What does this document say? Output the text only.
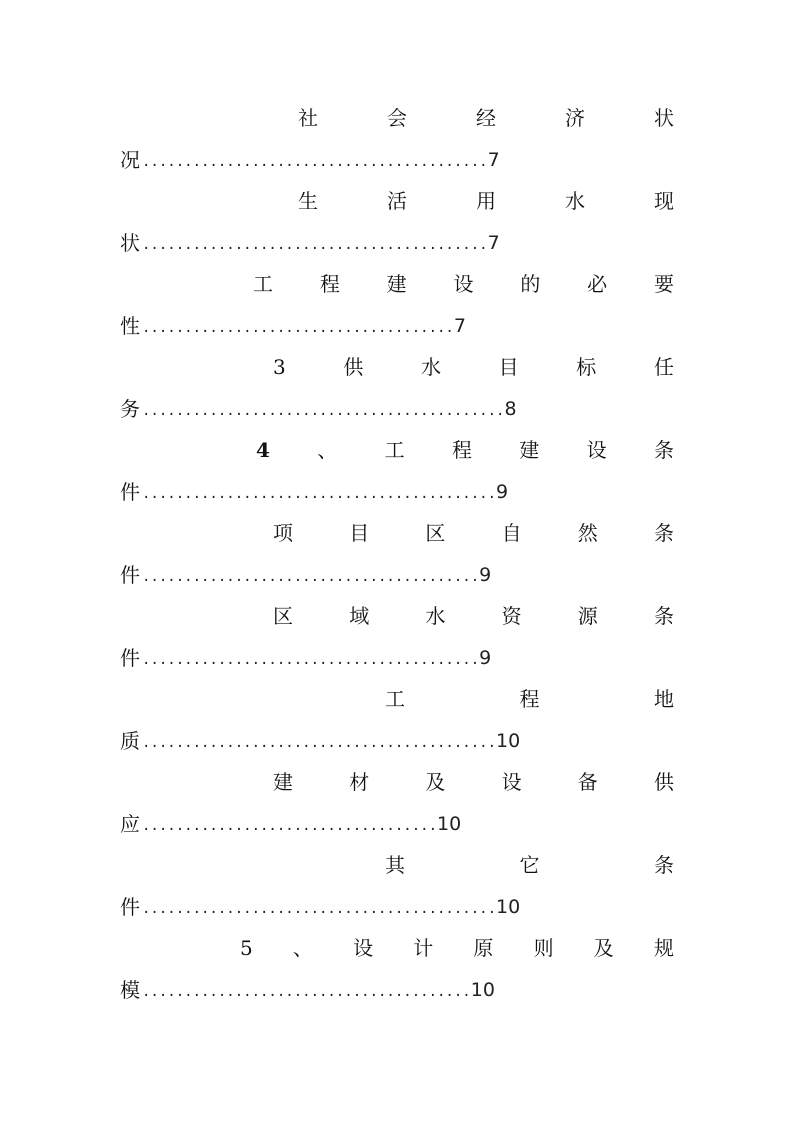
社	会	经	济	状
况 ......................................... 7
生	活	用	水	现
状 ......................................... 7
工 程 建 设 的 必 要
性 ..................................... 7
3	供	水	目	标	任
务 ........................................... 8
4 、 工 程 建 设 条
件 .......................................... 9
项	目	区	自	然	条
件 ........................................ 9
区	域	水	资	源	条
件 ........................................ 9
工	程	地
质 .......................................... 10
建	材	及	设	备	供
应 ................................... 10
其	它	条
件 .......................................... 10
5 、 设 计 原 则 及 规
模 ....................................... 10
